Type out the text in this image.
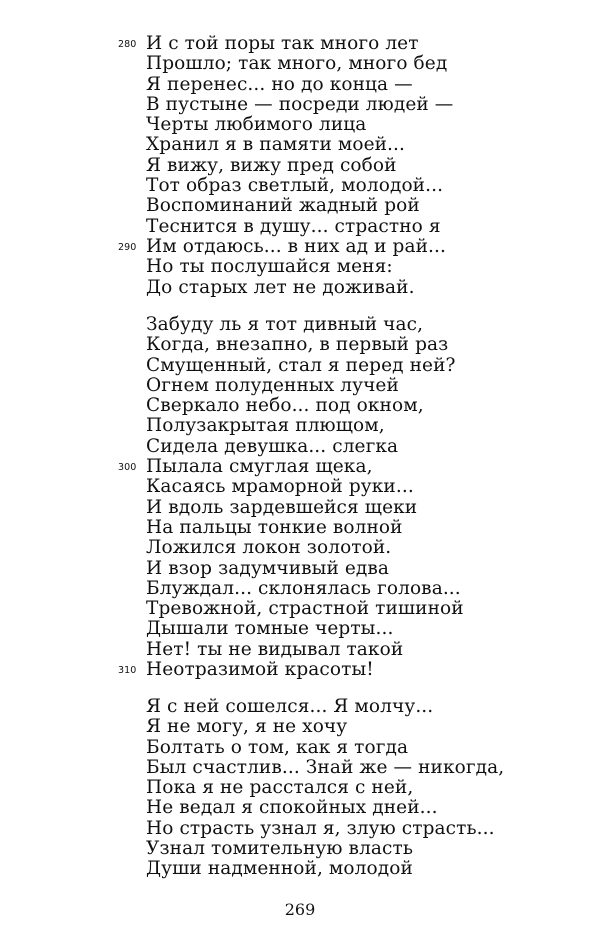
280 И с той поры так много лет
Прошло; так много, много бед
Я перенес... но до конца —
В пустыне — посреди людей —
Черты любимого лица
Хранил я в памяти моей...
Я вижу, вижу пред собой
Тот образ светлый, молодой...
Воспоминаний жадный рой
Теснится в душу... страстно я
290 Им отдаюсь... в них ад и рай...
Но ты послушайся меня:
До старых лет не доживай.
Забуду ль я тот дивный час,
Когда, внезапно, в первый раз
Смущенный, стал я перед ней?
Огнем полуденных лучей
Сверкало небо... под окном,
Полузакрытая плющом,
Сидела девушка... слегка
300 Пылала смуглая щека,
Касаясь мраморной руки...
И вдоль зардевшейся щеки
На пальцы тонкие волной
Ложился локон золотой.
И взор задумчивый едва
Блуждал... склонялась голова...
Тревожной, страстной тишиной
Дышали томные черты...
Нет! ты не видывал такой
310 Неотразимой красоты!
Я с ней сошелся... Я молчу...
Я не могу, я не хочу
Болтать о том, как я тогда
Был счастлив... Знай же — никогда,
Пока я не расстался с ней,
Не ведал я спокойных дней...
Но страсть узнал я, злую страсть...
Узнал томительную власть
Души надменной, молодой
269
